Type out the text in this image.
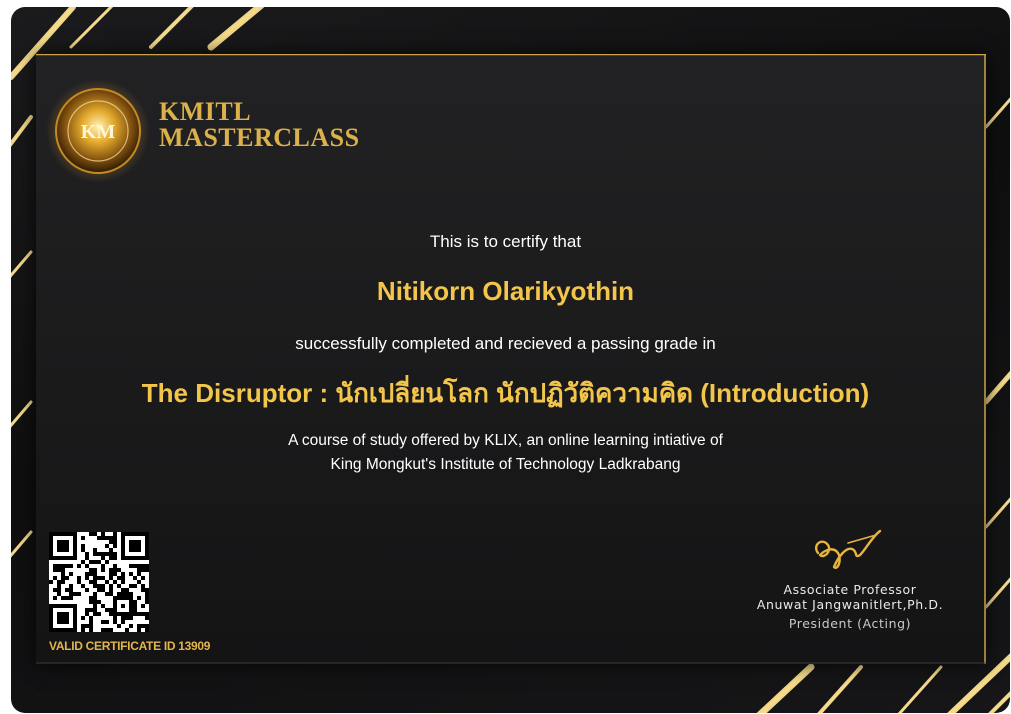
KM
KMITL
MASTERCLASS
This is to certify that
Nitikorn Olarikyothin
successfully completed and recieved a passing grade in
The Disruptor : นักเปลี่ยนโลก นักปฏิวัติความคิด (Introduction)
A course of study offered by KLIX, an online learning intiative of
King Mongkut's Institute of Technology Ladkrabang
VALID CERTIFICATE ID 13909
Associate Professor
Anuwat Jangwanitlert,Ph.D.
President (Acting)
